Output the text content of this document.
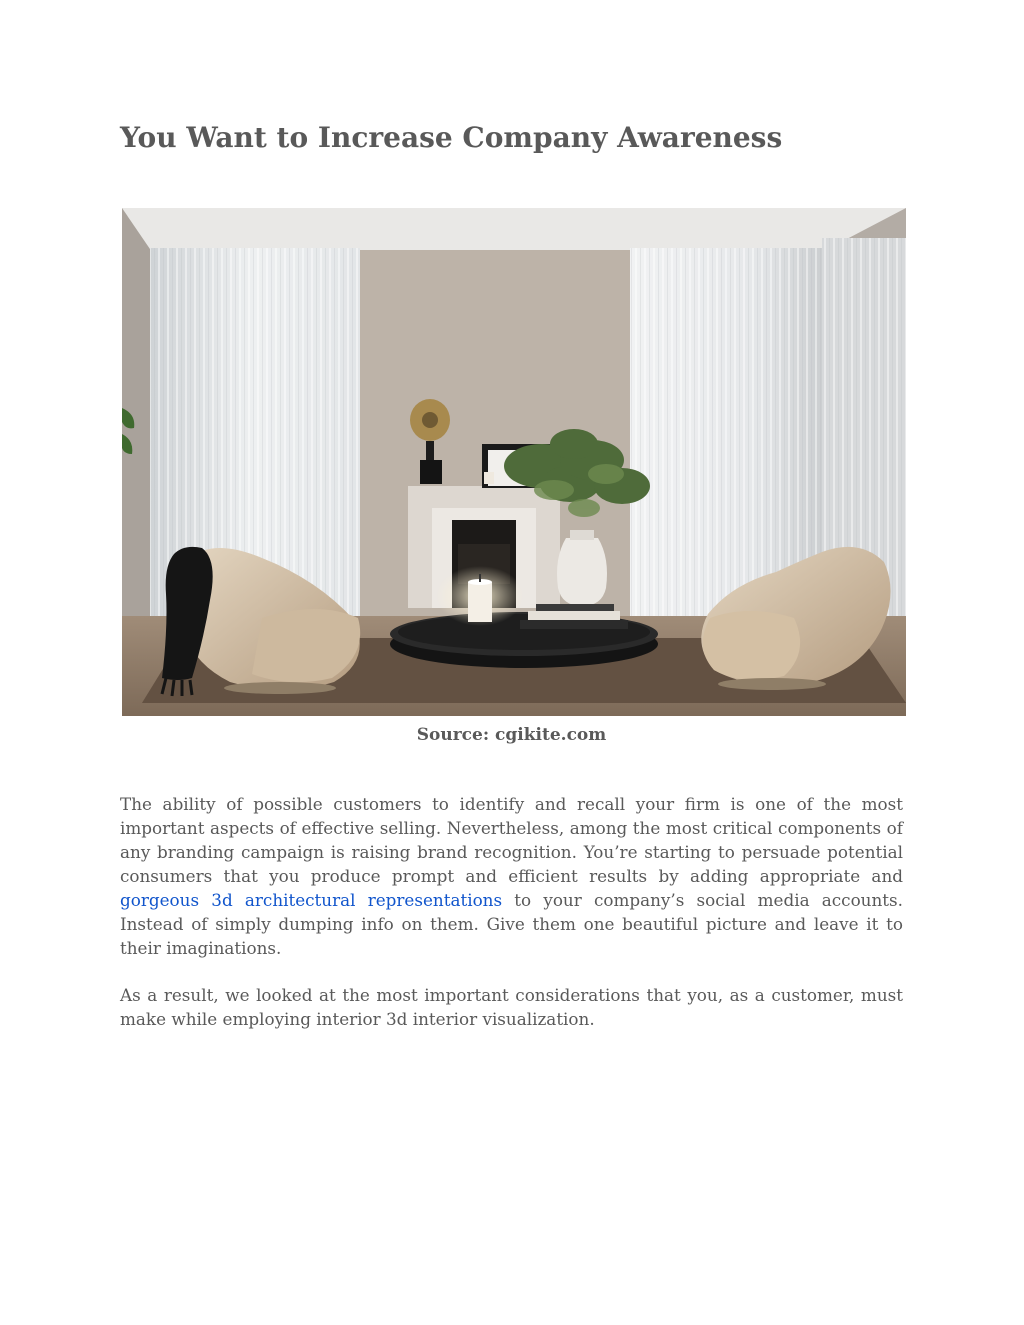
You Want to Increase Company Awareness
Source: cgikite.com

The ability of possible customers to identify and recall your firm is one of the most important aspects of effective selling. Nevertheless, among the most critical components of any branding campaign is raising brand recognition. You’re starting to persuade potential consumers that you produce prompt and efficient results by adding appropriate and gorgeous 3d architectural representations to your company’s social media accounts. Instead of simply dumping info on them. Give them one beautiful picture and leave it to their imaginations.

As a result, we looked at the most important considerations that you, as a customer, must make while employing interior 3d interior visualization.
